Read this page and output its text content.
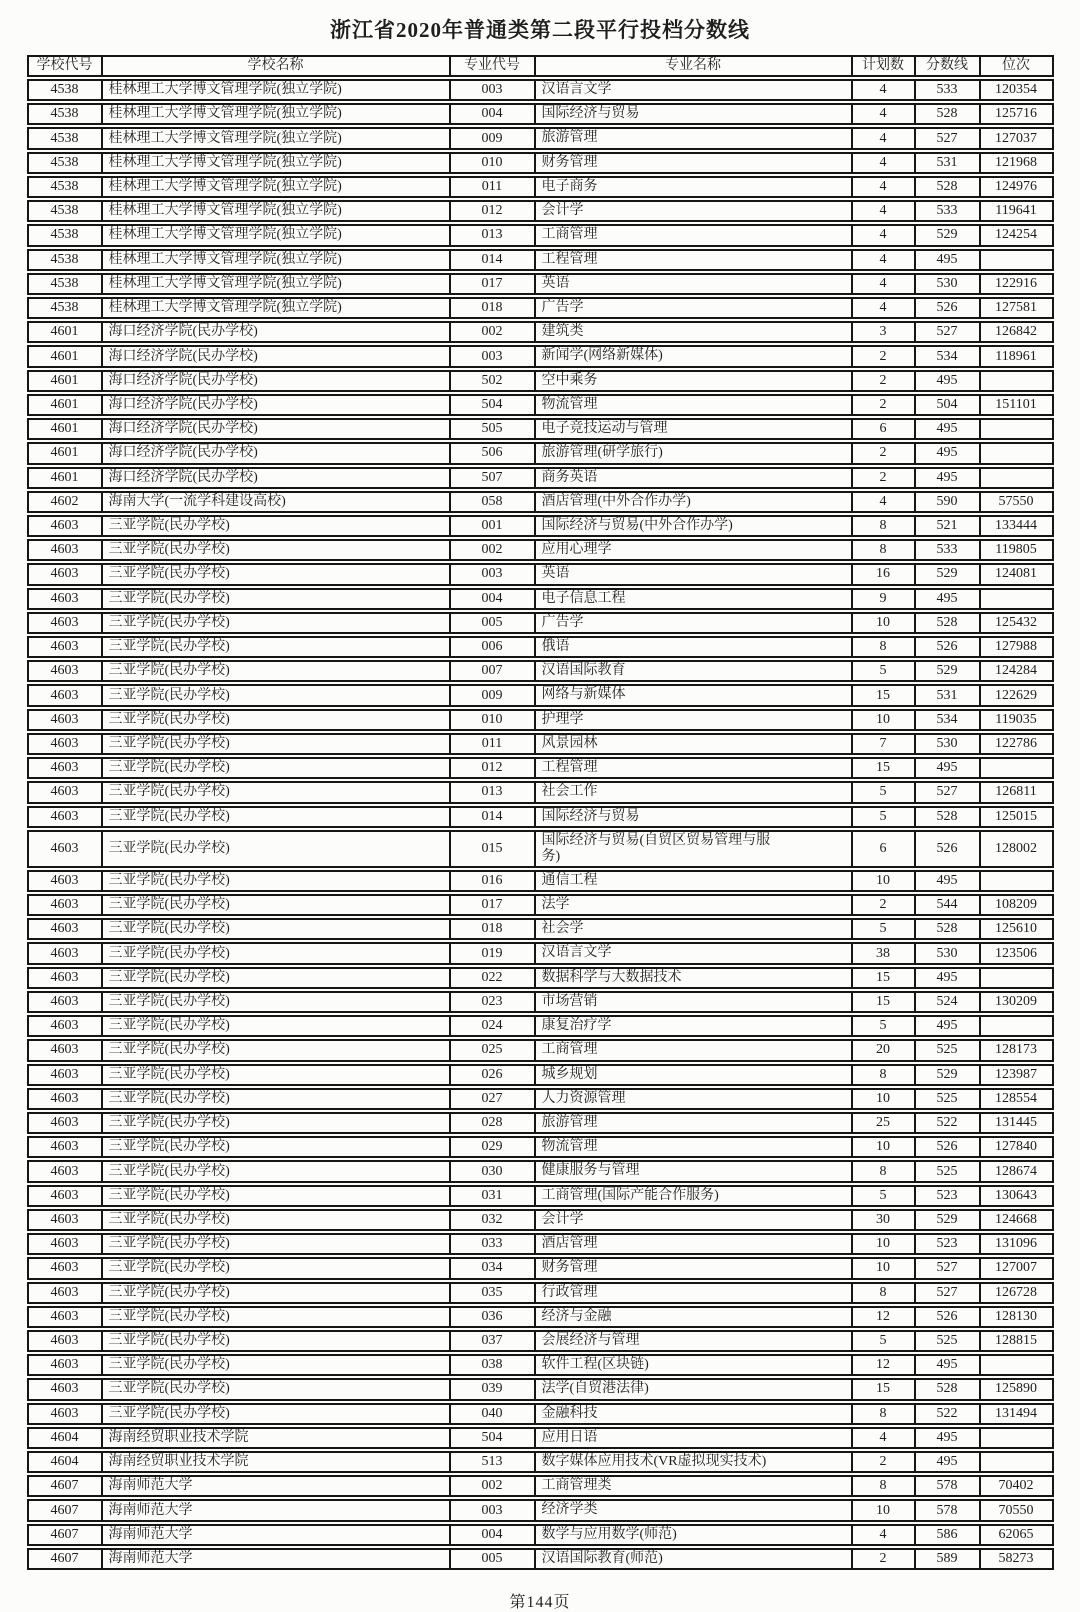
浙江省2020年普通类第二段平行投档分数线
学校代号	学校名称	专业代号	专业名称	计划数	分数线	位次
4538	桂林理工大学博文管理学院(独立学院)	003	汉语言文学	4	533	120354
4538	桂林理工大学博文管理学院(独立学院)	004	国际经济与贸易	4	528	125716
4538	桂林理工大学博文管理学院(独立学院)	009	旅游管理	4	527	127037
4538	桂林理工大学博文管理学院(独立学院)	010	财务管理	4	531	121968
4538	桂林理工大学博文管理学院(独立学院)	011	电子商务	4	528	124976
4538	桂林理工大学博文管理学院(独立学院)	012	会计学	4	533	119641
4538	桂林理工大学博文管理学院(独立学院)	013	工商管理	4	529	124254
4538	桂林理工大学博文管理学院(独立学院)	014	工程管理	4	495	
4538	桂林理工大学博文管理学院(独立学院)	017	英语	4	530	122916
4538	桂林理工大学博文管理学院(独立学院)	018	广告学	4	526	127581
4601	海口经济学院(民办学校)	002	建筑类	3	527	126842
4601	海口经济学院(民办学校)	003	新闻学(网络新媒体)	2	534	118961
4601	海口经济学院(民办学校)	502	空中乘务	2	495	
4601	海口经济学院(民办学校)	504	物流管理	2	504	151101
4601	海口经济学院(民办学校)	505	电子竞技运动与管理	6	495	
4601	海口经济学院(民办学校)	506	旅游管理(研学旅行)	2	495	
4601	海口经济学院(民办学校)	507	商务英语	2	495	
4602	海南大学(一流学科建设高校)	058	酒店管理(中外合作办学)	4	590	57550
4603	三亚学院(民办学校)	001	国际经济与贸易(中外合作办学)	8	521	133444
4603	三亚学院(民办学校)	002	应用心理学	8	533	119805
4603	三亚学院(民办学校)	003	英语	16	529	124081
4603	三亚学院(民办学校)	004	电子信息工程	9	495	
4603	三亚学院(民办学校)	005	广告学	10	528	125432
4603	三亚学院(民办学校)	006	俄语	8	526	127988
4603	三亚学院(民办学校)	007	汉语国际教育	5	529	124284
4603	三亚学院(民办学校)	009	网络与新媒体	15	531	122629
4603	三亚学院(民办学校)	010	护理学	10	534	119035
4603	三亚学院(民办学校)	011	风景园林	7	530	122786
4603	三亚学院(民办学校)	012	工程管理	15	495	
4603	三亚学院(民办学校)	013	社会工作	5	527	126811
4603	三亚学院(民办学校)	014	国际经济与贸易	5	528	125015
4603	三亚学院(民办学校)	015	国际经济与贸易(自贸区贸易管理与服务)	6	526	128002
4603	三亚学院(民办学校)	016	通信工程	10	495	
4603	三亚学院(民办学校)	017	法学	2	544	108209
4603	三亚学院(民办学校)	018	社会学	5	528	125610
4603	三亚学院(民办学校)	019	汉语言文学	38	530	123506
4603	三亚学院(民办学校)	022	数据科学与大数据技术	15	495	
4603	三亚学院(民办学校)	023	市场营销	15	524	130209
4603	三亚学院(民办学校)	024	康复治疗学	5	495	
4603	三亚学院(民办学校)	025	工商管理	20	525	128173
4603	三亚学院(民办学校)	026	城乡规划	8	529	123987
4603	三亚学院(民办学校)	027	人力资源管理	10	525	128554
4603	三亚学院(民办学校)	028	旅游管理	25	522	131445
4603	三亚学院(民办学校)	029	物流管理	10	526	127840
4603	三亚学院(民办学校)	030	健康服务与管理	8	525	128674
4603	三亚学院(民办学校)	031	工商管理(国际产能合作服务)	5	523	130643
4603	三亚学院(民办学校)	032	会计学	30	529	124668
4603	三亚学院(民办学校)	033	酒店管理	10	523	131096
4603	三亚学院(民办学校)	034	财务管理	10	527	127007
4603	三亚学院(民办学校)	035	行政管理	8	527	126728
4603	三亚学院(民办学校)	036	经济与金融	12	526	128130
4603	三亚学院(民办学校)	037	会展经济与管理	5	525	128815
4603	三亚学院(民办学校)	038	软件工程(区块链)	12	495	
4603	三亚学院(民办学校)	039	法学(自贸港法律)	15	528	125890
4603	三亚学院(民办学校)	040	金融科技	8	522	131494
4604	海南经贸职业技术学院	504	应用日语	4	495	
4604	海南经贸职业技术学院	513	数字媒体应用技术(VR虚拟现实技术)	2	495	
4607	海南师范大学	002	工商管理类	8	578	70402
4607	海南师范大学	003	经济学类	10	578	70550
4607	海南师范大学	004	数学与应用数学(师范)	4	586	62065
4607	海南师范大学	005	汉语国际教育(师范)	2	589	58273
第144页
